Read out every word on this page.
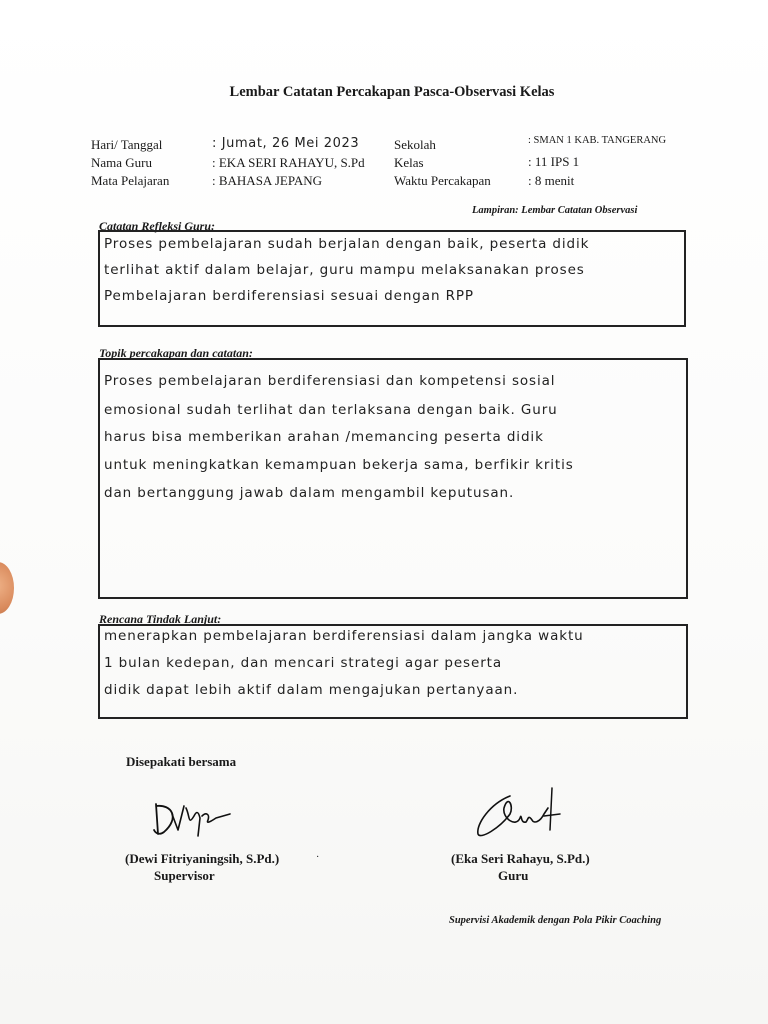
Lembar Catatan Percakapan Pasca-Observasi Kelas
Hari/ Tanggal	: Jumat, 26 Mei 2023
Nama Guru	: EKA SERI RAHAYU, S.Pd
Mata Pelajaran	: BAHASA JEPANG
Sekolah	: SMAN 1 KAB. TANGERANG
Kelas	: 11 IPS 1
Waktu Percakapan	: 8 menit
Lampiran: Lembar Catatan Observasi
Catatan Refleksi Guru:
Proses pembelajaran sudah berjalan dengan baik, peserta didik
terlihat aktif dalam belajar, guru mampu melaksanakan proses
Pembelajaran berdiferensiasi sesuai dengan RPP
Topik percakapan dan catatan:
Proses pembelajaran berdiferensiasi dan kompetensi sosial
emosional sudah terlihat dan terlaksana dengan baik. Guru
harus bisa memberikan arahan /memancing peserta didik
untuk meningkatkan kemampuan bekerja sama, berfikir kritis
dan bertanggung jawab dalam mengambil keputusan.
Rencana Tindak Lanjut:
menerapkan pembelajaran berdiferensiasi dalam jangka waktu
1 bulan kedepan, dan mencari strategi agar peserta
didik dapat lebih aktif dalam mengajukan pertanyaan.
Disepakati bersama
(Dewi Fitriyaningsih, S.Pd.)
Supervisor
(Eka Seri Rahayu, S.Pd.)
Guru
·
Supervisi Akademik dengan Pola Pikir Coaching
